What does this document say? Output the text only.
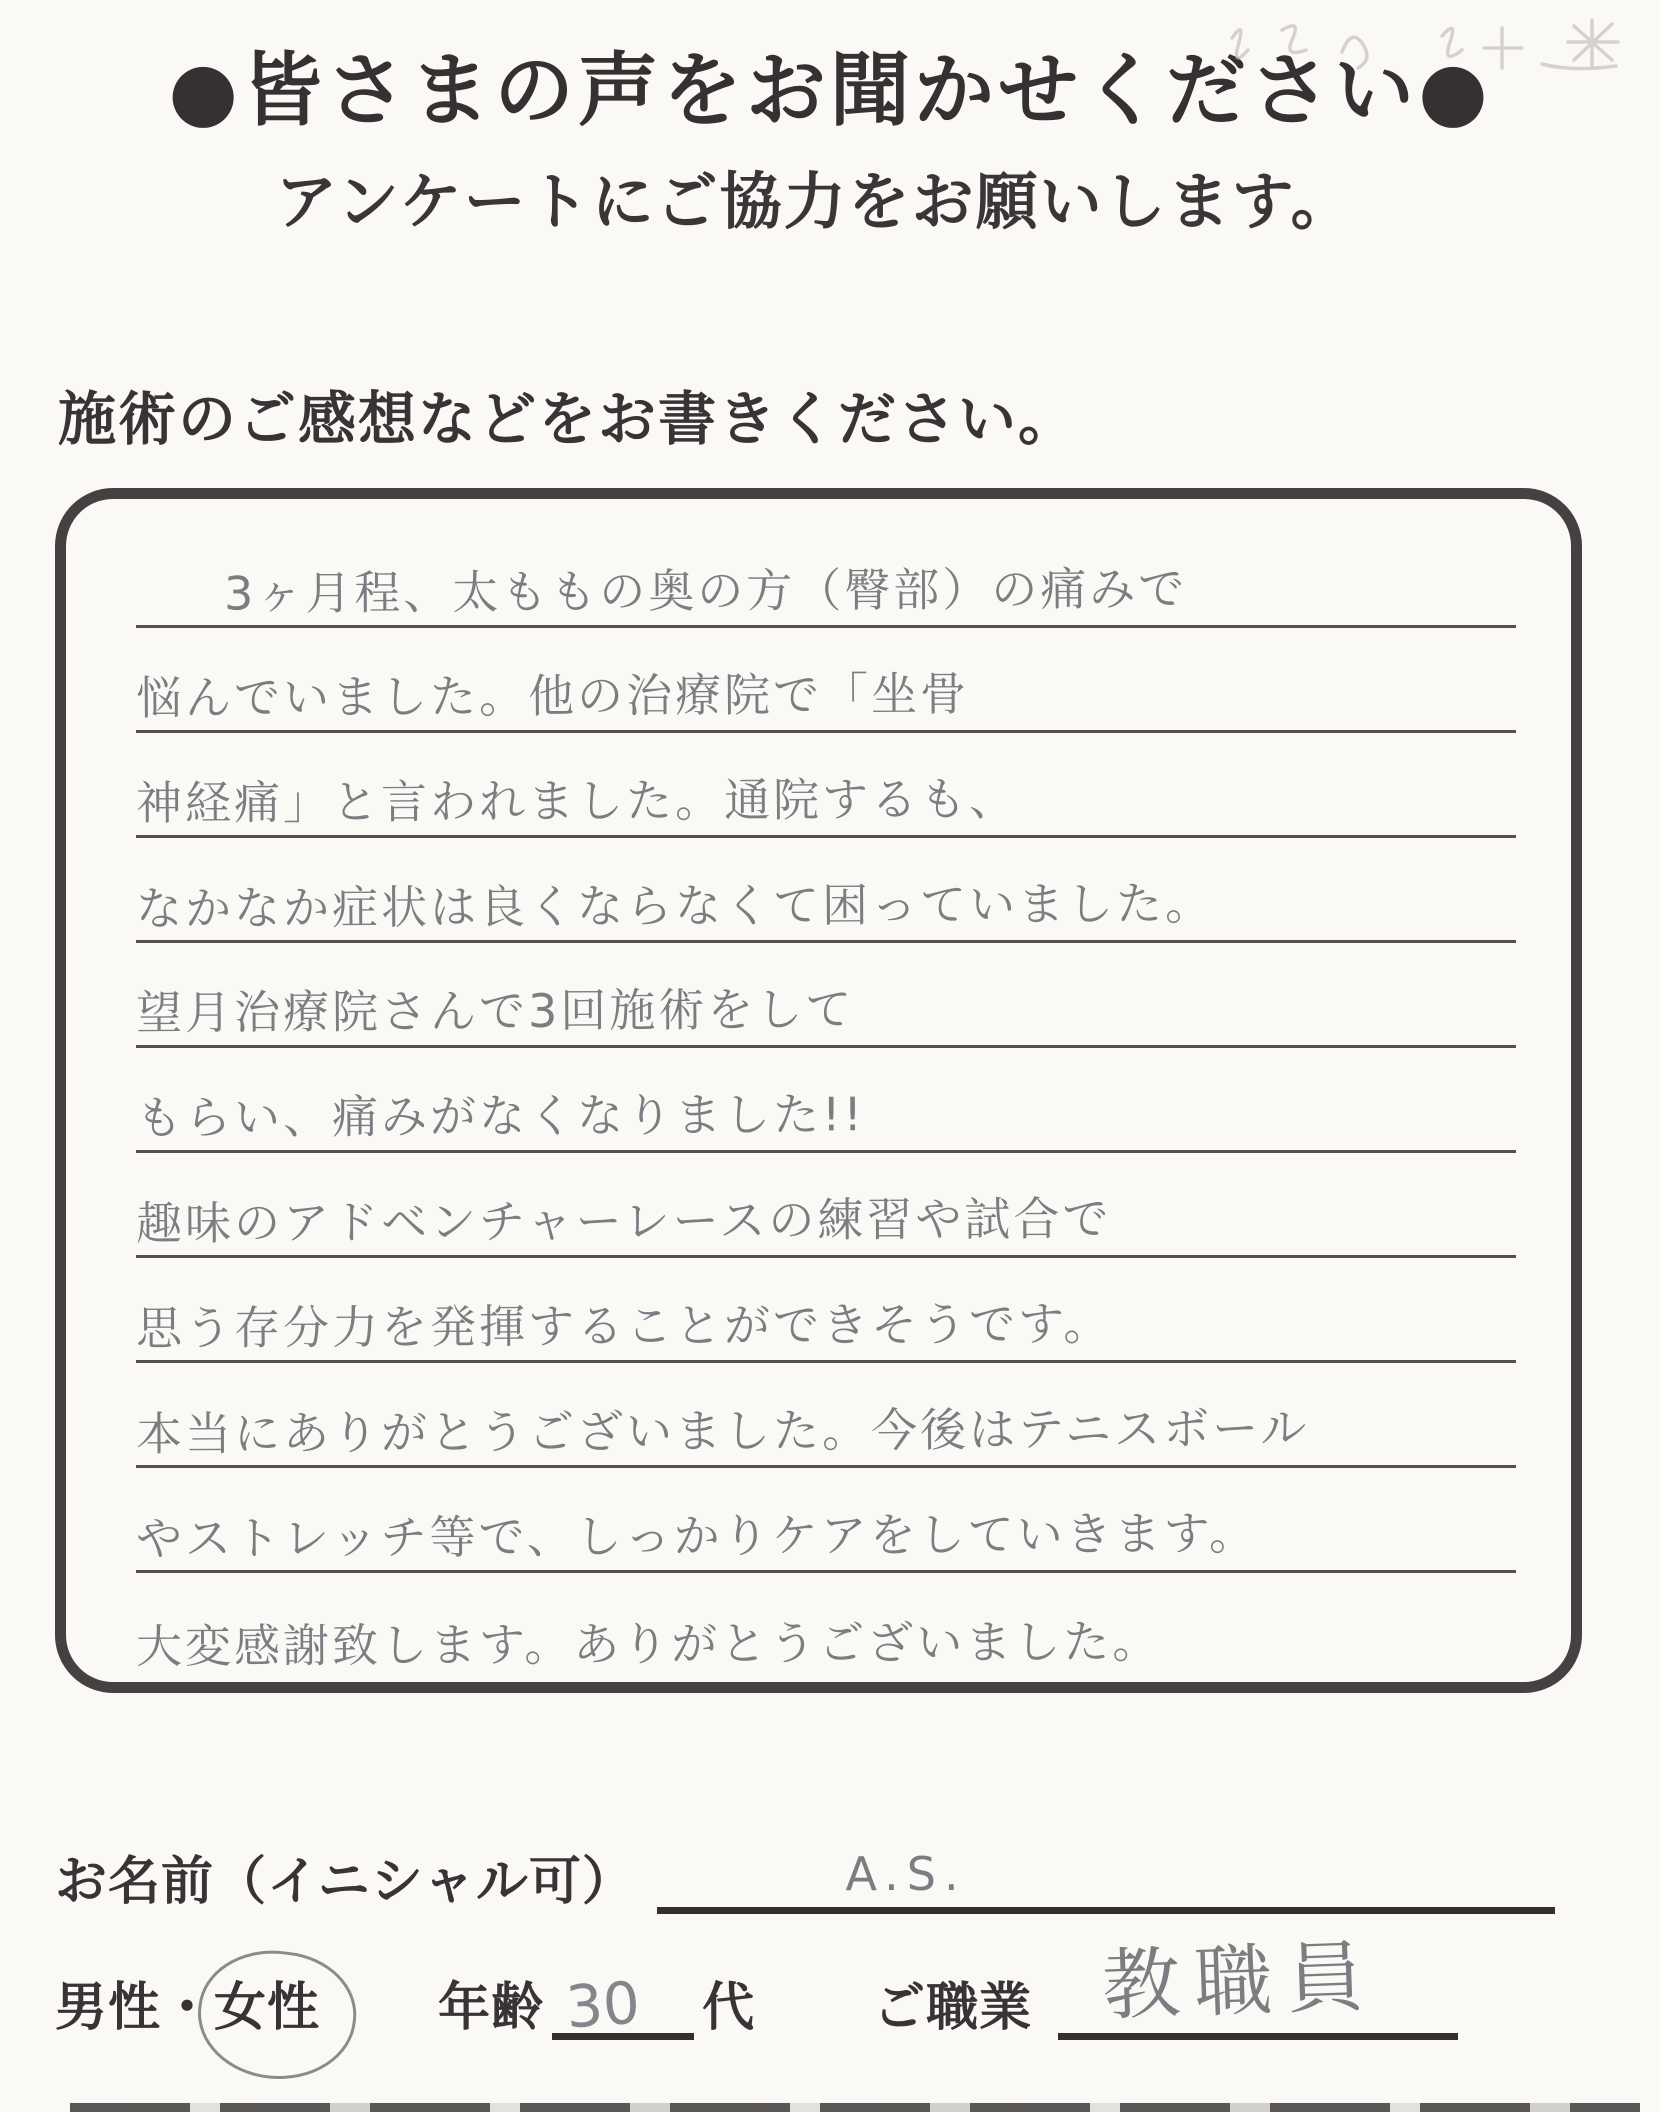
●皆さまの声をお聞かせください●
アンケートにご協力をお願いします。
施術のご感想などをお書きください。
3ヶ月程、太ももの奥の方（臀部）の痛みで
悩んでいました。他の治療院で「坐骨
神経痛」と言われました。通院するも、
なかなか症状は良くならなくて困っていました。
望月治療院さんで3回施術をして
もらい、痛みがなくなりました!!
趣味のアドベンチャーレースの練習や試合で
思う存分力を発揮することができそうです。
本当にありがとうございました。今後はテニスボール
やストレッチ等で、しっかりケアをしていきます。
大変感謝致します。ありがとうございました。
お名前（イニシャル可）	A.S.
男性 ・ 女性 年齢 30 代 ご職業 教職員
